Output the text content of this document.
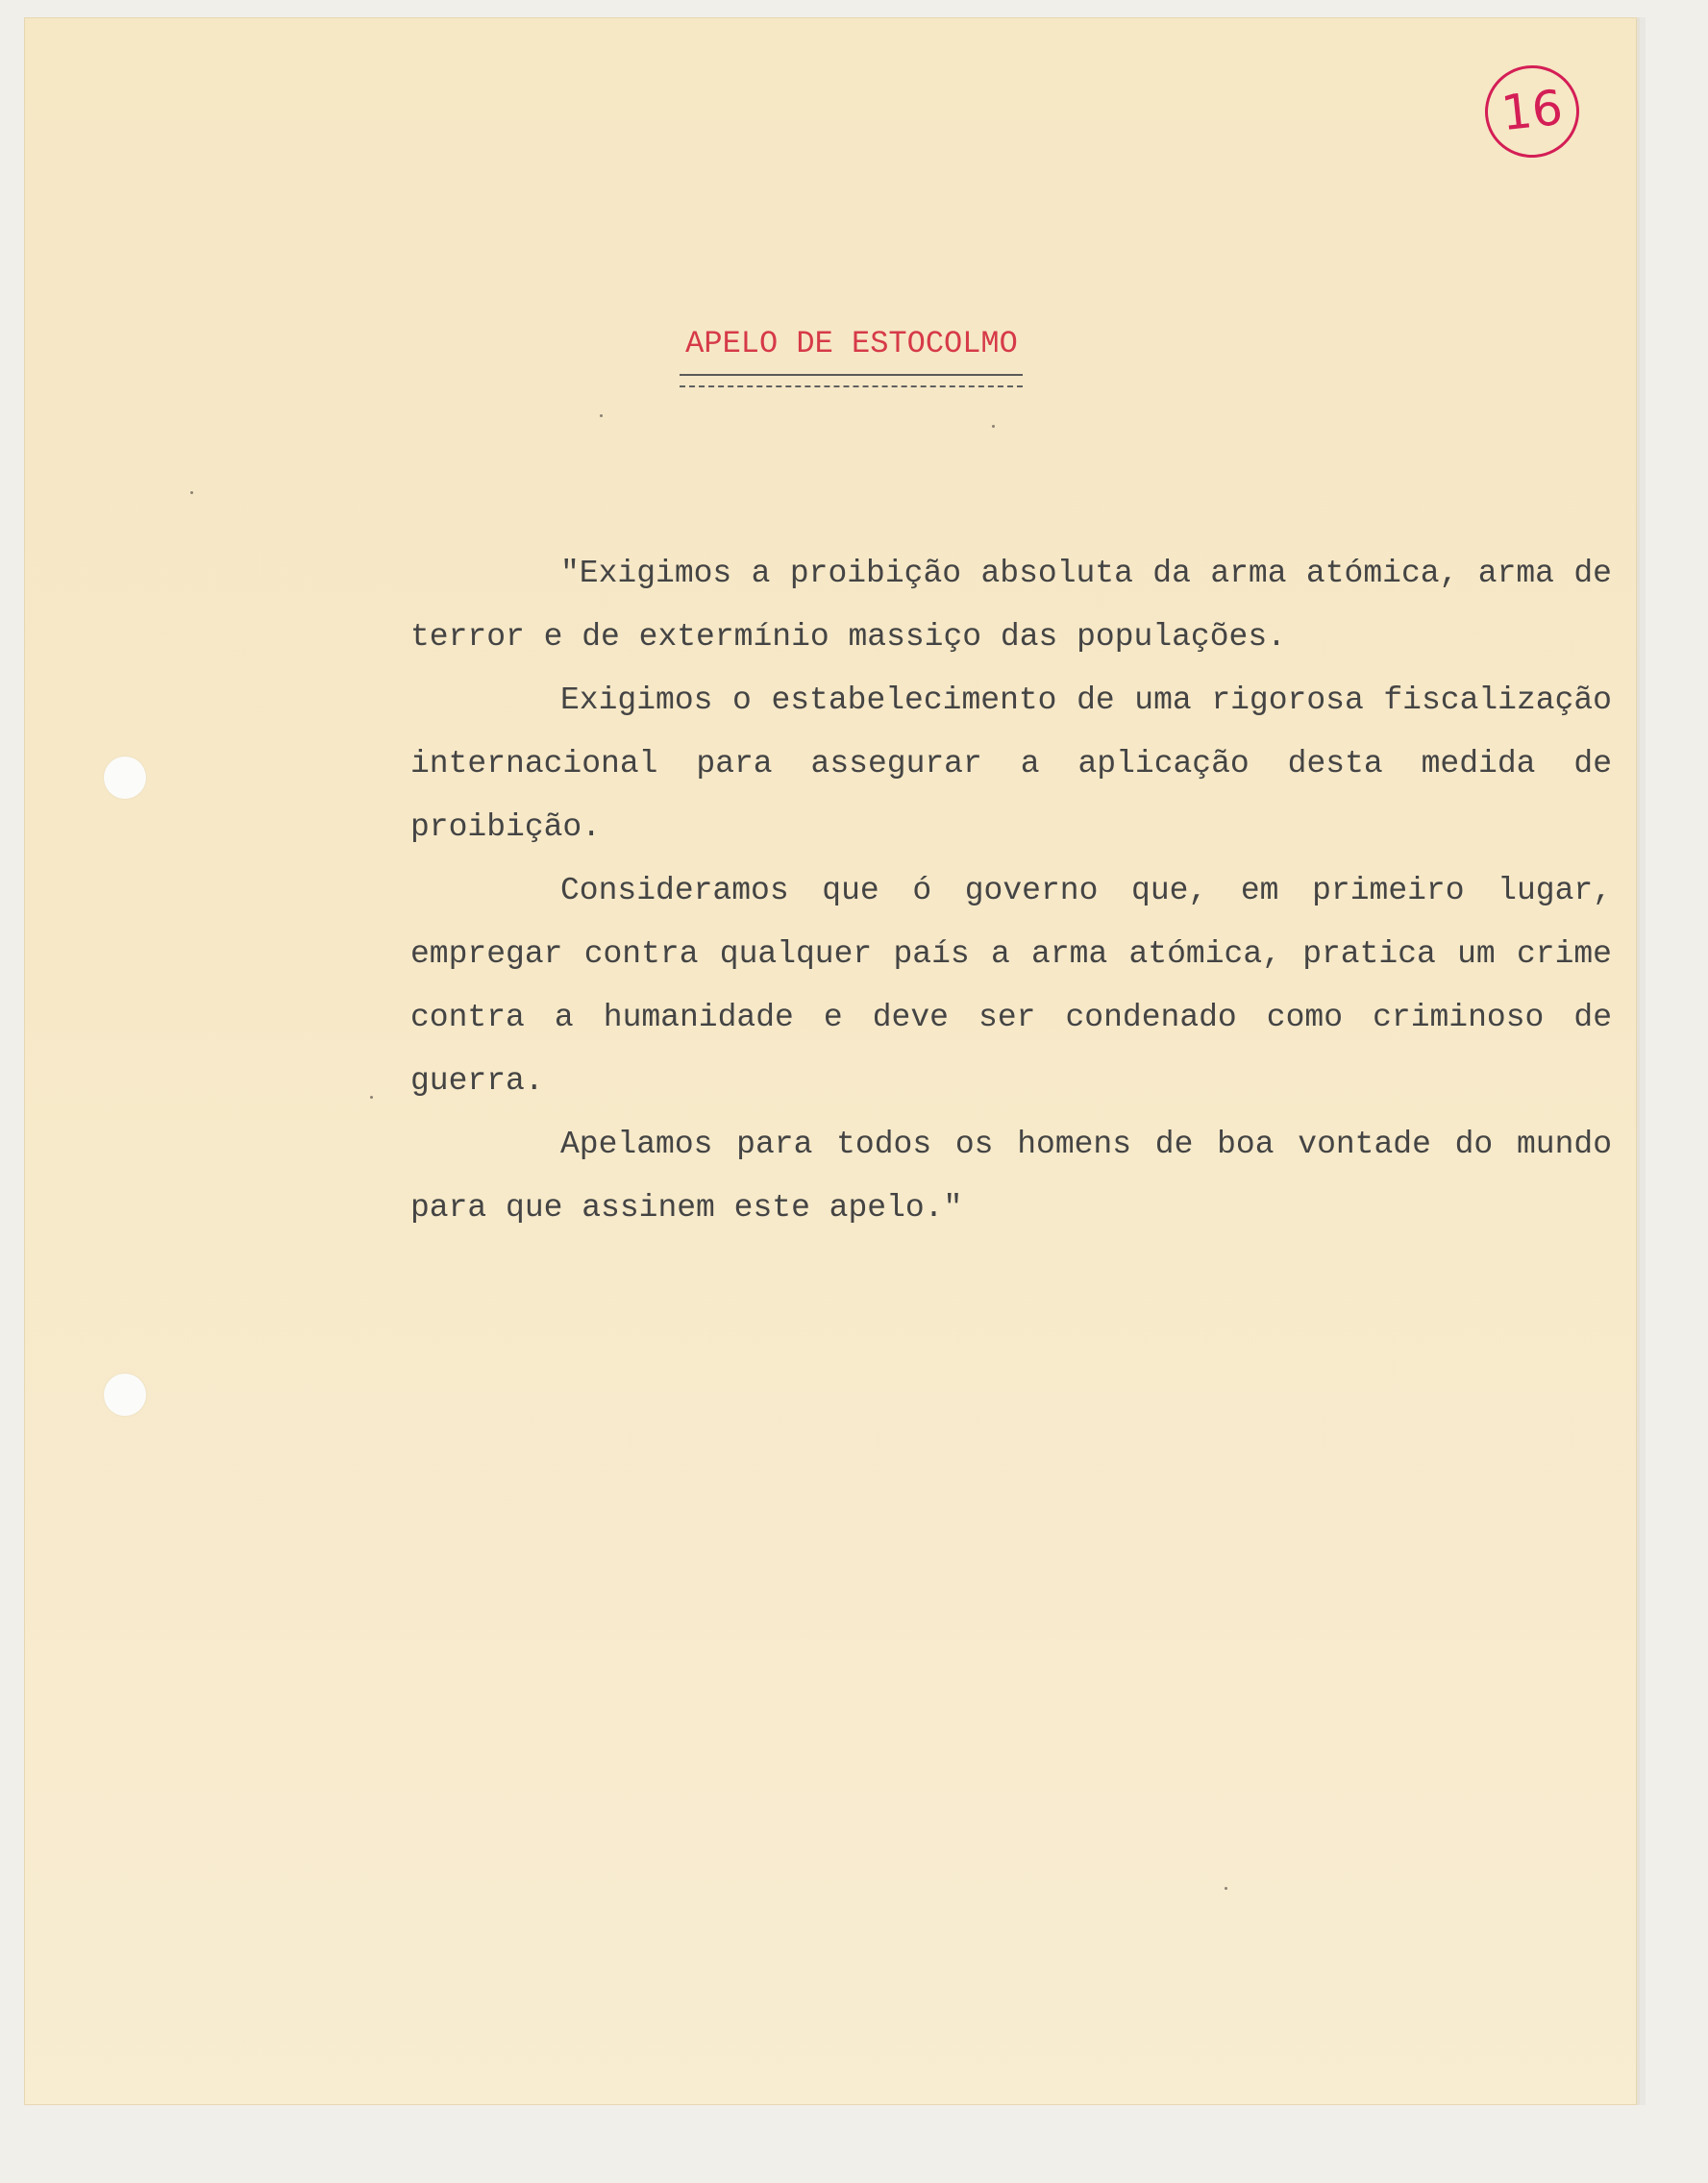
16
APELO DE ESTOCOLMO

"Exigimos a proibição absoluta da arma atómica, arma de terror e de extermínio massiço das populações.

Exigimos o estabelecimento de uma rigorosa fiscalização internacional para assegurar a aplicação desta medida de proibição.

Consideramos que ó governo que, em primeiro lugar, empregar contra qualquer país a arma atómica, pratica um crime contra a humanidade e deve ser condenado como criminoso de guerra.

Apelamos para todos os homens de boa vontade do mundo para que assinem este apelo."
